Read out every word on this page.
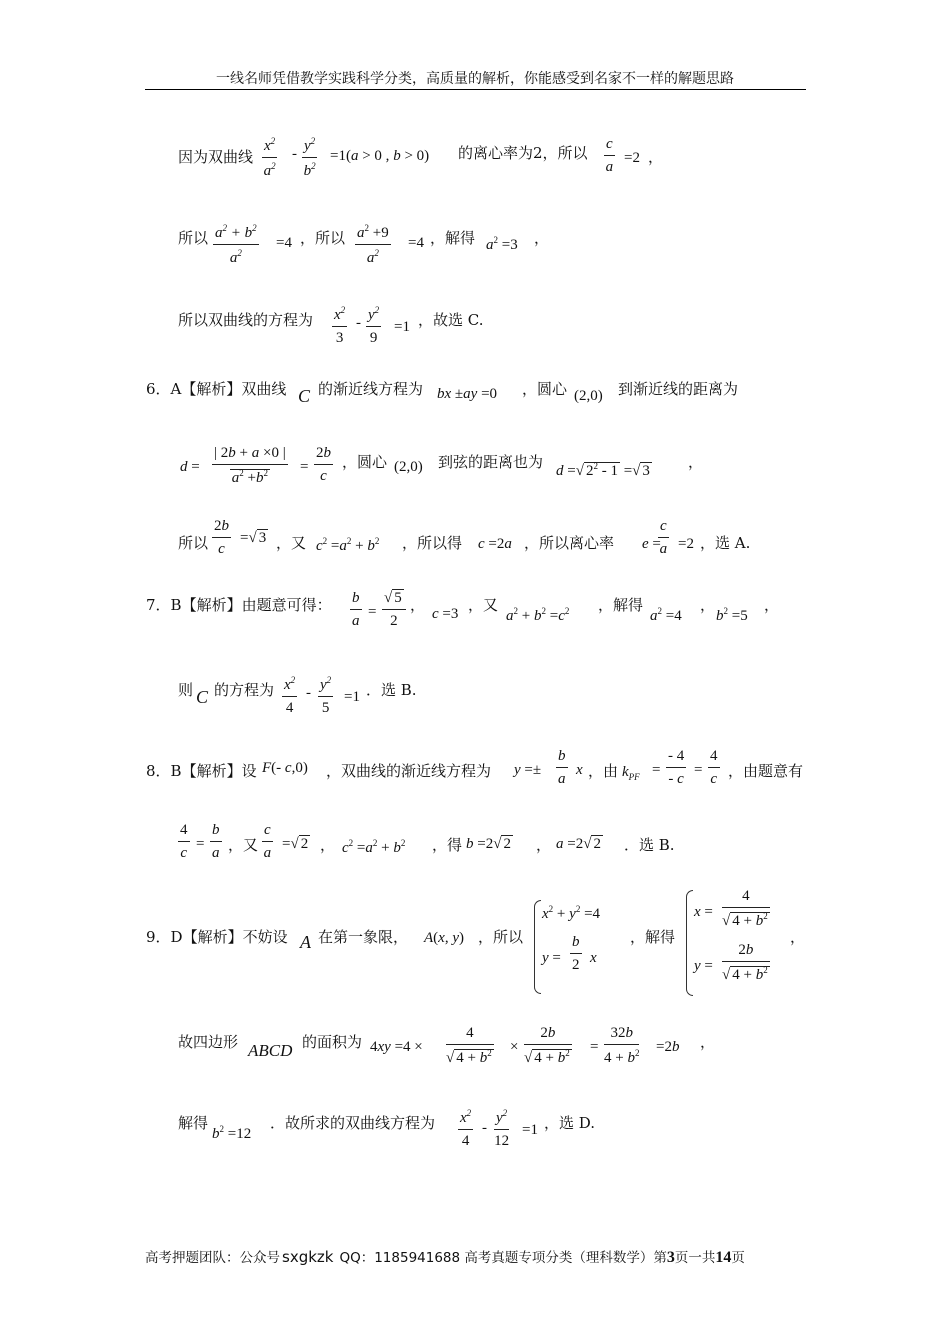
一线名师凭借教学实践科学分类，高质量的解析，你能感受到名家不一样的解题思路
因为双曲线
$x^2$
$a^2$
- $y^2$
$b^2$
=1(a > 0 , b > 0) 的离心率为2，所以 c
a
=2 ，
所以 $a^2 + b^2$
$a^2$
=4 ，所以 $a^2 +9$
$a^2$
=4 ，解得 $a^2 =3$ ，
所以双曲线的方程为 $x^2$
3
- $y^2$
9
=1 ，故选 C.
6．A【解析】双曲线 C 的渐近线方程为 bx ±ay =0 ，圆心 (2,0) 到渐近线的距离为
d =
| 2b + a ×0 |
$a^2 +b^2$	=
2b
c
，圆心 (2,0) 到弦的距离也为 d =√ $2^2 - 1$ =√ 3	，
所以
2b
c
=√ 3 ，又 $c^2 =a^2 + b^2$ ，所以得 c =2a ，所以离心率 e =
c
a =2 ，选 A.
7．B【解析】由题意可得： b
a
=
√ 5
2
， c =3 ，又
$a^2 + b^2 =c^2$ ，解得
$a^2 =4$
，
$b^2 =5$
，
则 C 的方程为 $x^2$
4
- $y^2$
5
=1 ．选 B.
8．B【解析】设 F(- c,0) ，双曲线的渐近线方程为 y =±
b
a
x ，由 $k_{PF}$ =
- 4
- c
=
4
c ，由题意有
4
c
=
b
a ，又
c
a
=√ 2 ， $c^2 =a^2 + b^2$ ，得 b =2√ 2 ， a =2√ 2 ．选 B.
9．D【解析】不妨设 A 在第一象限， A(x, y) ，所以
$x^2 + y^2 =4$
y =
b
2 x
，解得
x =
4
√ $4 + b^2$
y =
2b
√ $4 + b^2$
，
故四边形 ABCD 的面积为 4xy =4 ×
4
√ $4 + b^2$ ×
2b
√ $4 + b^2$ =
32b
$4 + b^2 =2b$ ，
解得
$b^2 =12$
．故所求的双曲线方程为 $x^2$
4
-
$y^2$
12
=1 ，选 D.
高考押题团队：公众号 sxgkzk QQ：1185941688 高考真题专项分类（理科数学）第3页一共14页
